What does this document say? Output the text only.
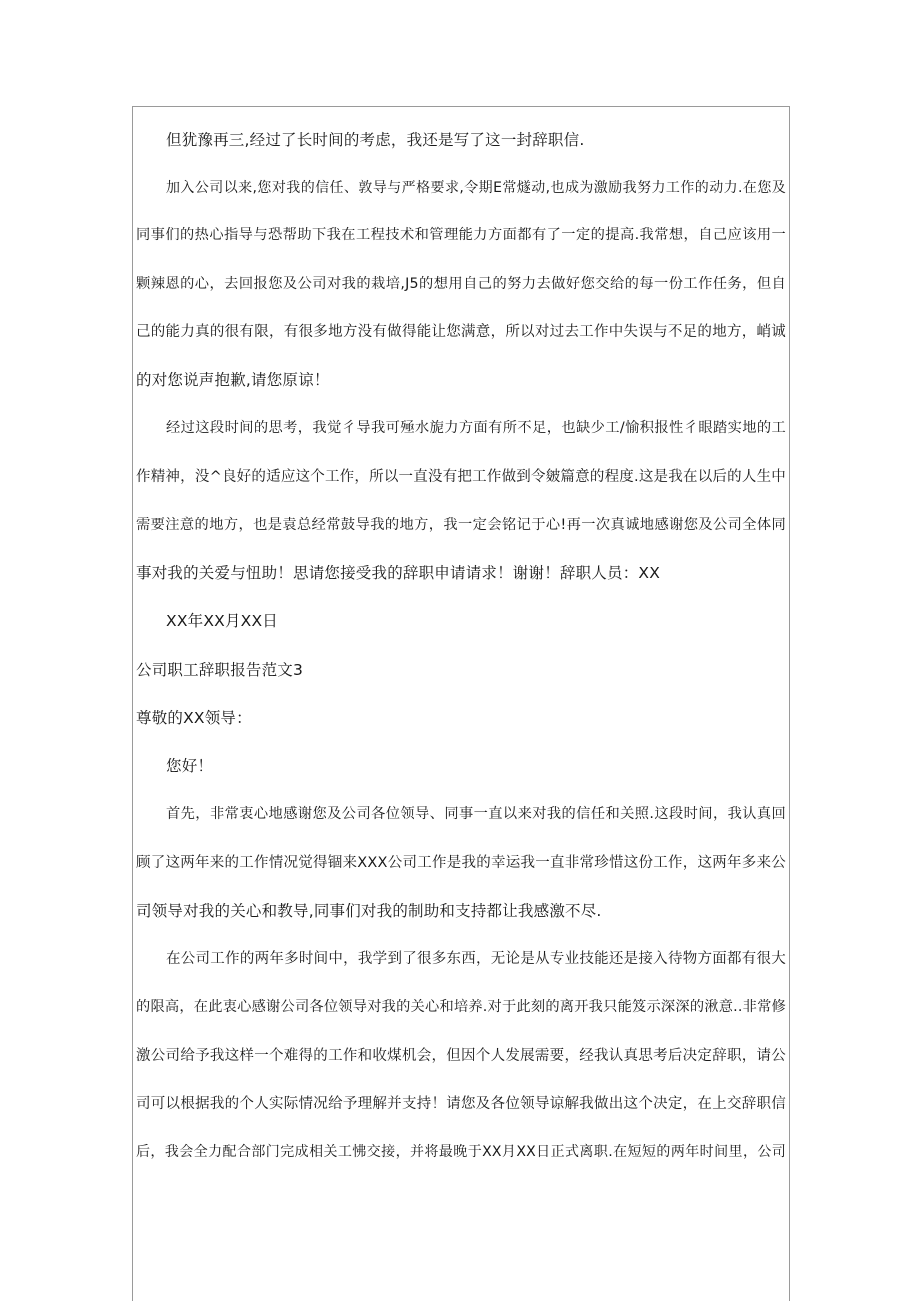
但犹豫再三,经过了长时间的考虑，我还是写了这一封辞职信.
加入公司以来,您对我的信任、敦导与严格要求,令期E常燧动,也成为激励我努力工作的动力.在您及
同事们的热心指导与恐帮助下我在工程技术和管理能力方面都有了一定的提高.我常想，自己应该用一
颗辣恩的心，去回报您及公司对我的栽培,J5的想用自己的努力去做好您交给的每一份工作任务，但自
己的能力真的很有限，有很多地方没有做得能让您满意，所以对过去工作中失误与不足的地方，峭诚
的对您说声抱歉,请您原谅！
经过这段时间的思考，我觉彳导我可殛水旎力方面有所不足，也缺少工/愉积报性彳眼踏实地的工
作精神，没^良好的适应这个工作，所以一直没有把工作做到令皴篇意的程度.这是我在以后的人生中
需要注意的地方，也是袁总经常鼓导我的地方，我一定会铭记于心!再一次真诚地感谢您及公司全体同
事对我的关爱与忸助！思请您接受我的辞职申请请求！谢谢！辞职人员：XX
XX年XX月XX日
公司职工辞职报告范文3
尊敬的XX领导：
您好！
首先，非常衷心地感谢您及公司各位领导、同事一直以来对我的信任和关照.这段时间，我认真回
顾了这两年来的工作情况觉得锢来XXX公司工作是我的幸运我一直非常珍惜这份工作，这两年多来公
司领导对我的关心和教导,同事们对我的制助和支持都让我感激不尽.
在公司工作的两年多时间中，我学到了很多东西，无论是从专业技能还是接入待物方面都有很大
的限高，在此衷心感谢公司各位领导对我的关心和培养.对于此刻的离开我只能笈示深深的湫意..非常修
激公司给予我这样一个难得的工作和收煤机会，但因个人发展需要，经我认真思考后决定辞职，请公
司可以根据我的个人实际情况给予理解并支持！请您及各位领导谅解我做出这个决定，在上交辞职信
后，我会全力配合部门完成相关工怫交接，并将最晚于XX月XX日正式离职.在短短的两年时间里，公司
